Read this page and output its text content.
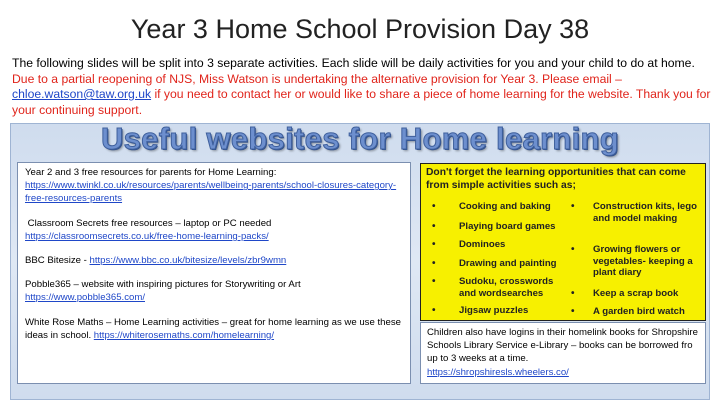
Year 3 Home School Provision Day 38
The following slides will be split into 3 separate activities. Each slide will be daily activities for you and your child to do at home. Due to a partial reopening of NJS, Miss Watson is undertaking the alternative provision for Year 3. Please email – chloe.watson@taw.org.uk if you need to contact her or would like to share a piece of home learning for the website. Thank you for your continuing support.
Useful websites for Home learning

Year 2 and 3 free resources for parents for Home Learning:
https://www.twinkl.co.uk/resources/parents/wellbeing-parents/school-closures-category-free-resources-parents

Classroom Secrets free resources – laptop or PC needed
https://classroomsecrets.co.uk/free-home-learning-packs/

BBC Bitesize - https://www.bbc.co.uk/bitesize/levels/zbr9wmn

Pobble365 – website with inspiring pictures for Storywriting or Art
https://www.pobble365.com/

White Rose Maths – Home Learning activities – great for home learning as we use these ideas in school. https://whiterosemaths.com/homelearning/

Don't forget the learning opportunities that can come from simple activities such as;
• Cooking and baking
• Playing board games
• Dominoes
• Drawing and painting
• Sudoku, crosswords and wordsearches
• Jigsaw puzzles
• Construction kits, lego and model making
• Growing flowers or vegetables- keeping a plant diary
• Keep a scrap book
• A garden bird watch
Children also have logins in their homelink books for Shropshire Schools Library Service e-Library – books can be borrowed fro up to 3 weeks at a time.
https://shropshiresls.wheelers.co/
